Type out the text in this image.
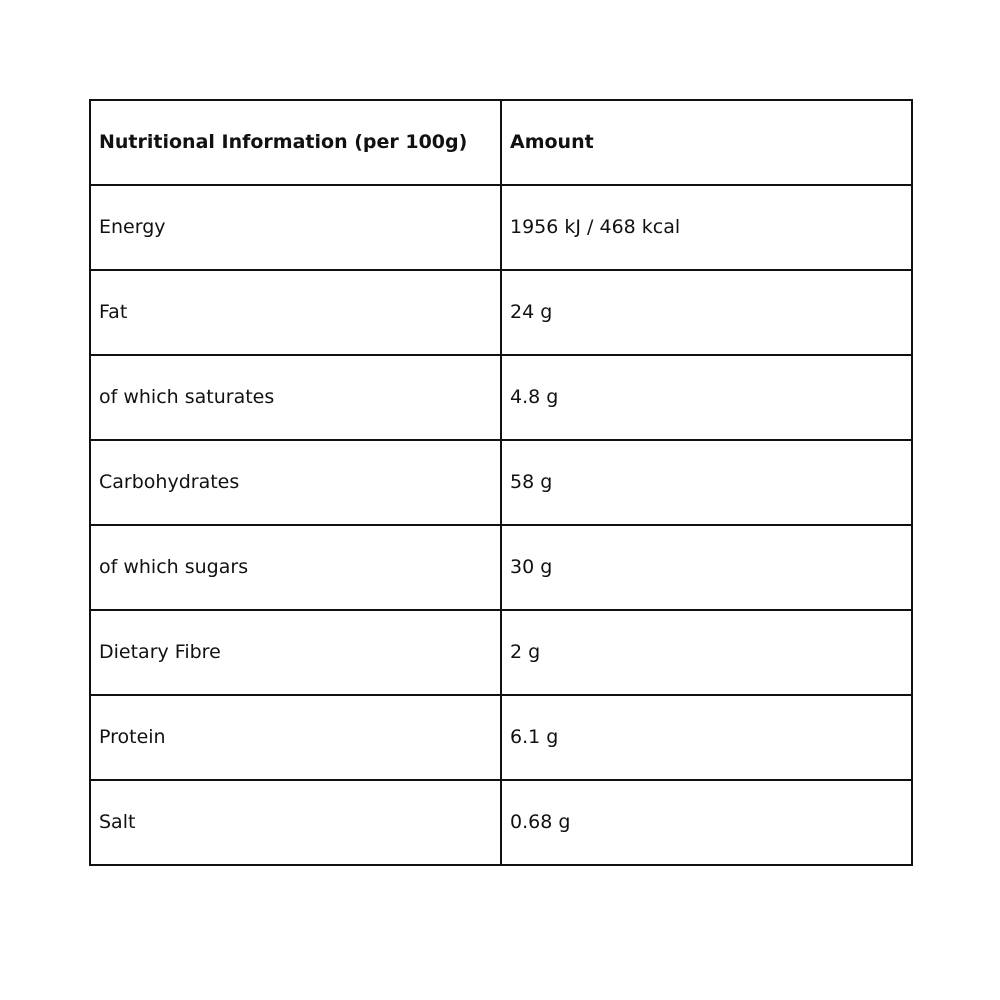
Nutritional Information (per 100g)	Amount
Energy	1956 kJ / 468 kcal
Fat	24 g
of which saturates	4.8 g
Carbohydrates	58 g
of which sugars	30 g
Dietary Fibre	2 g
Protein	6.1 g
Salt	0.68 g
